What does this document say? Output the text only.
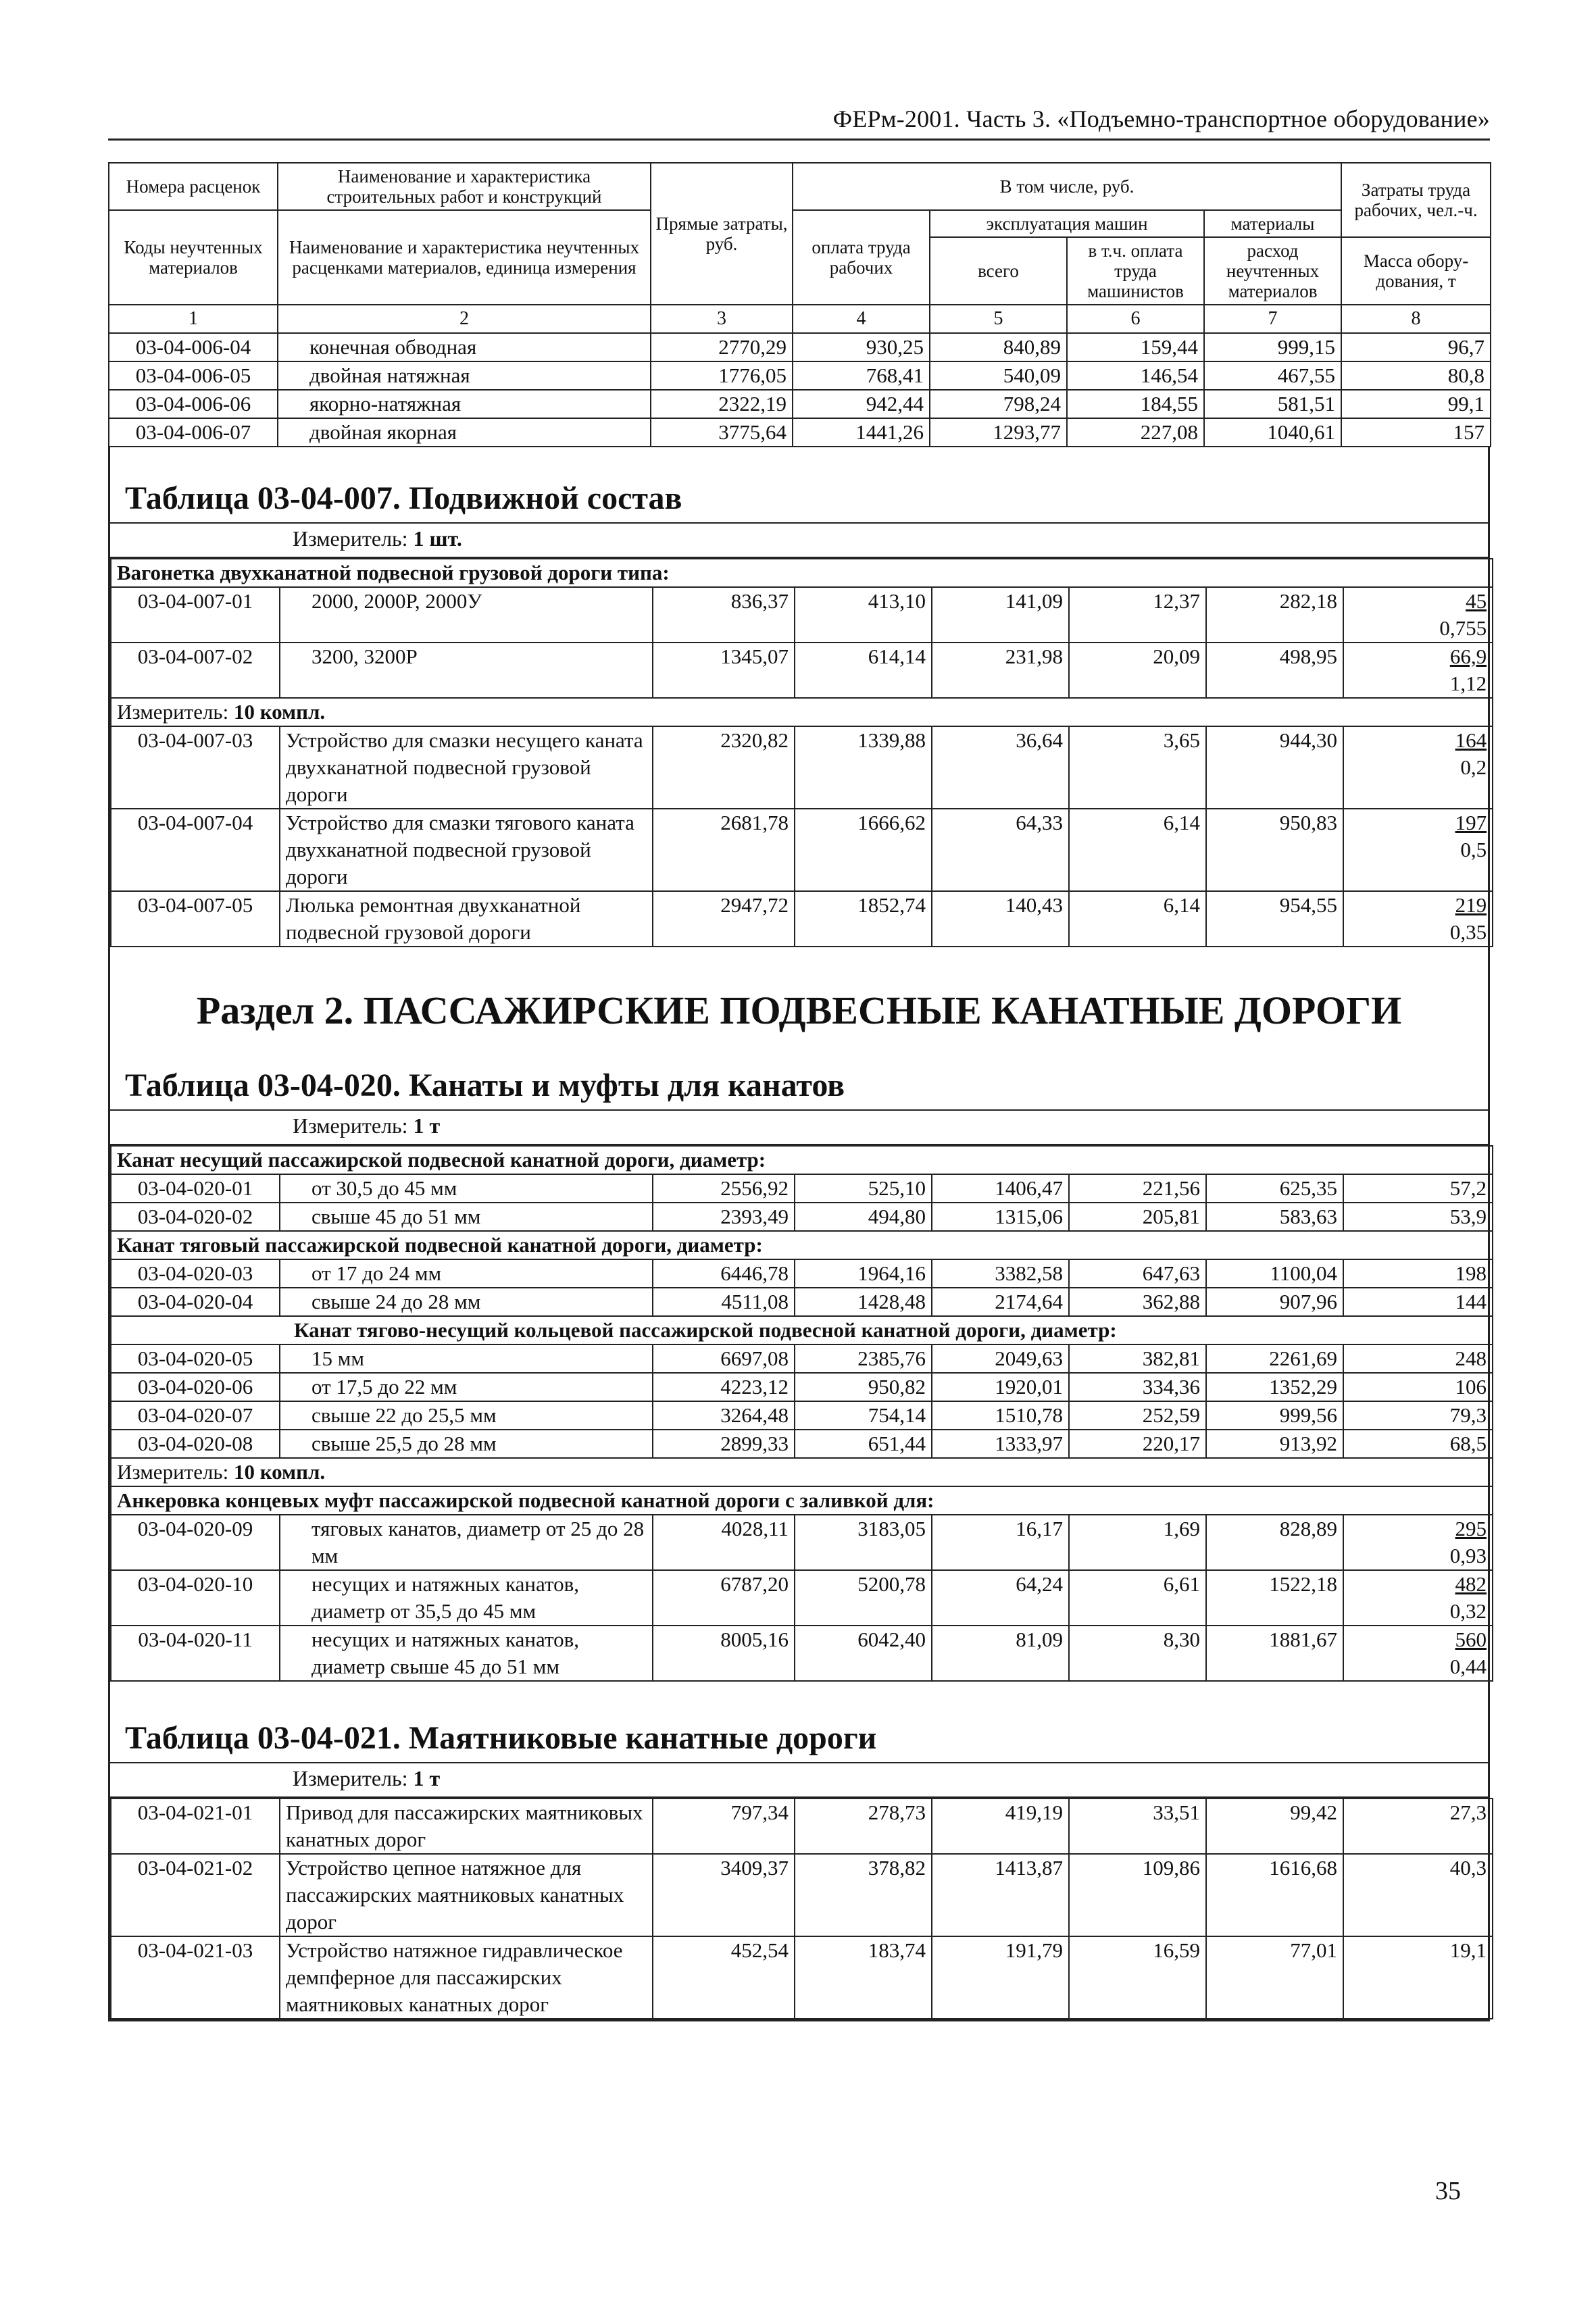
ФЕРм-2001. Часть 3. «Подъемно-транспортное оборудование»
Номера расценок	Наименование и характеристика строительных работ и конструкций	Прямые затраты, руб.	В том числе, руб.				Затраты труда рабочих, чел.-ч.
Коды неучтенных материалов	Наименование и характеристика неучтенных расценками материалов, единица измерения		оплата труда рабочих	эксплуатация машин		материалы	
				всего	в т.ч. оплата труда машинистов	расход неучтенных материалов	Масса обору-дования, т
1	2	3	4	5	6	7	8
03-04-006-04	конечная обводная	2770,29	930,25	840,89	159,44	999,15	96,7

03-04-006-05	двойная натяжная	1776,05	768,41	540,09	146,54	467,55	80,8

03-04-006-06	якорно-натяжная	2322,19	942,44	798,24	184,55	581,51	99,1

03-04-006-07	двойная якорная	3775,64	1441,26	1293,77	227,08	1040,61	157
Таблица 03-04-007. Подвижной состав
Измеритель: 1 шт.
Вагонетка двухканатной подвесной грузовой дороги типа:							
03-04-007-01	2000, 2000Р, 2000У	836,37	413,10	141,09	12,37	282,18	45
0,755

03-04-007-02	3200, 3200Р	1345,07	614,14	231,98	20,09	498,95	66,9
1,12

Измеритель: 10 компл.							
03-04-007-03	Устройство для смазки несущего каната двухканатной подвесной грузовой дороги	2320,82	1339,88	36,64	3,65	944,30	164
0,2

03-04-007-04	Устройство для смазки тягового каната двухканатной подвесной грузовой дороги	2681,78	1666,62	64,33	6,14	950,83	197
0,5

03-04-007-05	Люлька ремонтная двухканатной подвесной грузовой дороги	2947,72	1852,74	140,43	6,14	954,55	219
0,35
Раздел 2. ПАССАЖИРСКИЕ ПОДВЕСНЫЕ КАНАТНЫЕ ДОРОГИ
Таблица 03-04-020. Канаты и муфты для канатов
Измеритель: 1 т
Канат несущий пассажирской подвесной канатной дороги, диаметр:							
03-04-020-01	от 30,5 до 45 мм	2556,92	525,10	1406,47	221,56	625,35	57,2

03-04-020-02	свыше 45 до 51 мм	2393,49	494,80	1315,06	205,81	583,63	53,9

Канат тяговый пассажирской подвесной канатной дороги, диаметр:							
03-04-020-03	от 17 до 24 мм	6446,78	1964,16	3382,58	647,63	1100,04	198

03-04-020-04	свыше 24 до 28 мм	4511,08	1428,48	2174,64	362,88	907,96	144

Канат тягово-несущий кольцевой пассажирской подвесной канатной дороги, диаметр:							
03-04-020-05	15 мм	6697,08	2385,76	2049,63	382,81	2261,69	248

03-04-020-06	от 17,5 до 22 мм	4223,12	950,82	1920,01	334,36	1352,29	106

03-04-020-07	свыше 22 до 25,5 мм	3264,48	754,14	1510,78	252,59	999,56	79,3

03-04-020-08	свыше 25,5 до 28 мм	2899,33	651,44	1333,97	220,17	913,92	68,5

Измеритель: 10 компл.							
Анкеровка концевых муфт пассажирской подвесной канатной дороги с заливкой для:							
03-04-020-09	тяговых канатов, диаметр от 25 до 28 мм	4028,11	3183,05	16,17	1,69	828,89	295
0,93

03-04-020-10	несущих и натяжных канатов, диаметр от 35,5 до 45 мм	6787,20	5200,78	64,24	6,61	1522,18	482
0,32

03-04-020-11	несущих и натяжных канатов, диаметр свыше 45 до 51 мм	8005,16	6042,40	81,09	8,30	1881,67	560
0,44
Таблица 03-04-021. Маятниковые канатные дороги
Измеритель: 1 т
03-04-021-01	Привод для пассажирских маятниковых канатных дорог	797,34	278,73	419,19	33,51	99,42	27,3

03-04-021-02	Устройство цепное натяжное для пассажирских маятниковых канатных дорог	3409,37	378,82	1413,87	109,86	1616,68	40,3

03-04-021-03	Устройство натяжное гидравлическое демпферное для пассажирских маятниковых канатных дорог	452,54	183,74	191,79	16,59	77,01	19,1
35
